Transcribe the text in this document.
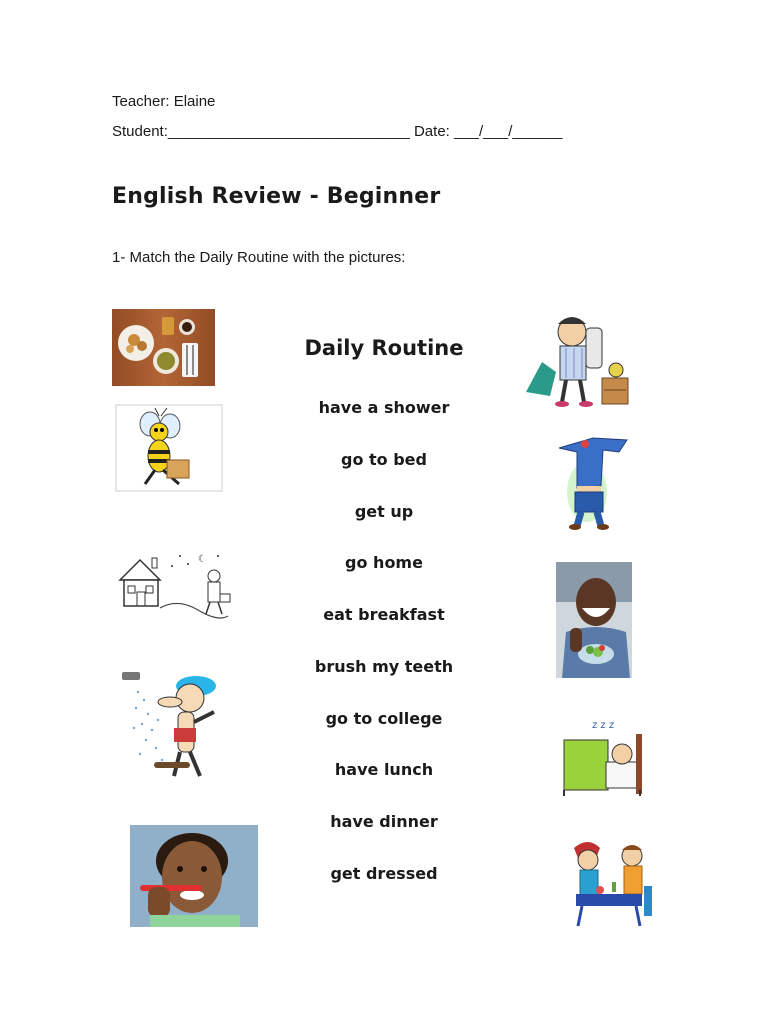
Teacher: Elaine
Student:_____________________________ Date: ___/___/______
English Review - Beginner
1- Match the Daily Routine with the pictures:
Daily Routine
have a shower
go to bed
get up
go home
eat breakfast
brush my teeth
go to college
have lunch
have dinner
get dressed
☾
z z z
